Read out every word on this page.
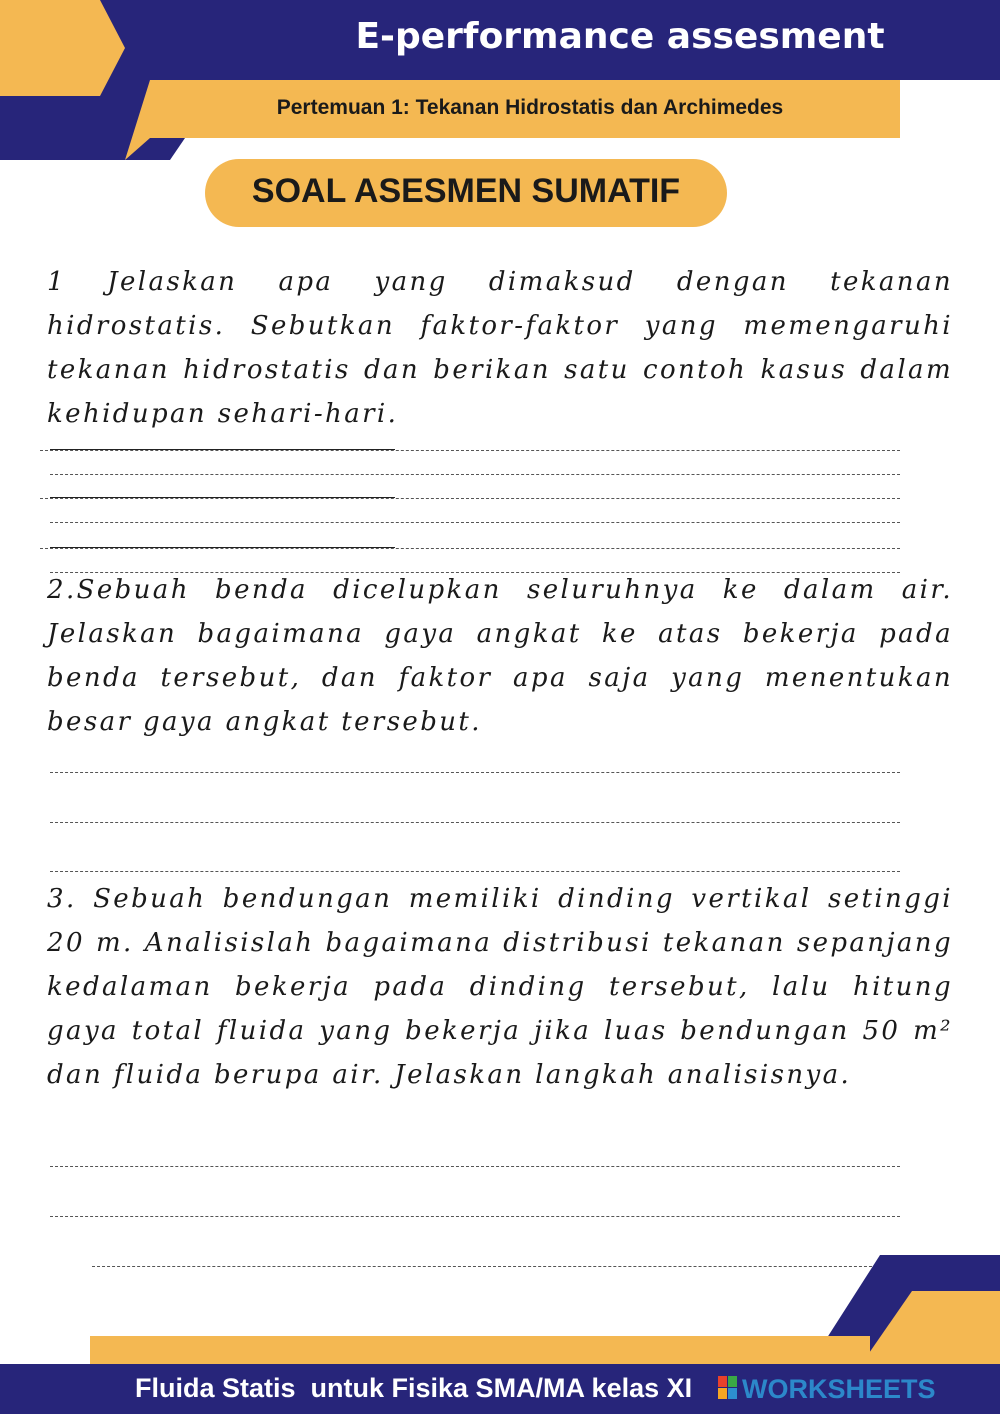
E-performance assesment
Pertemuan 1: Tekanan Hidrostatis dan Archimedes
SOAL ASESMEN SUMATIF

1 Jelaskan apa yang dimaksud dengan tekanan hidrostatis. Sebutkan faktor-faktor yang memengaruhi tekanan hidrostatis dan berikan satu contoh kasus dalam kehidupan sehari-hari.

2.Sebuah benda dicelupkan seluruhnya ke dalam air. Jelaskan bagaimana gaya angkat ke atas bekerja pada benda tersebut, dan faktor apa saja yang menentukan besar gaya angkat tersebut.

3. Sebuah bendungan memiliki dinding vertikal setinggi 20 m. Analisislah bagaimana distribusi tekanan sepanjang kedalaman bekerja pada dinding tersebut, lalu hitung gaya total fluida yang bekerja jika luas bendungan 50 m² dan fluida berupa air. Jelaskan langkah analisisnya.

Fluida Statis  untuk Fisika SMA/MA kelas XI WORKSHEETS
